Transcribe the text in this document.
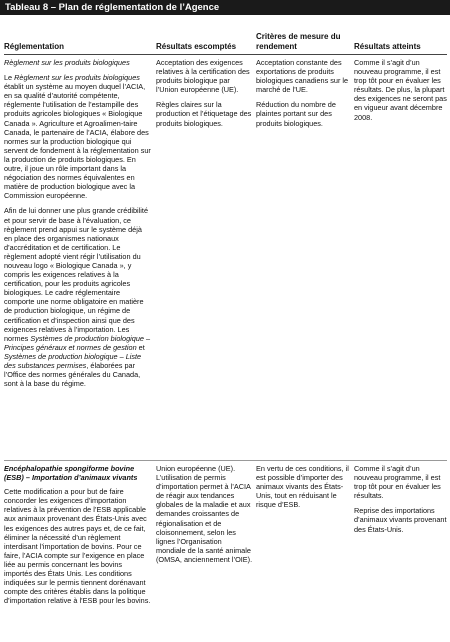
Tableau 8 – Plan de réglementation de l’Agence
Réglementation	Résultats escomptés
Critères de mesure du rendement	Résultats atteints

Règlement sur les produits biologiques

Le Règlement sur les produits biologiques établit un système au moyen duquel l’ACIA, en sa qualité d’autorité compétente, réglemente l’utilisation de l’estampille des produits agricoles biologiques « Biologique Canada ». Agriculture et Agroalimen-taire Canada, le partenaire de l’ACIA, élabore des normes sur la production biologique qui servent de fondement à la réglementation sur la production de produits biologiques. En outre, il joue un rôle important dans la négociation des normes équivalentes en matière de production biologique avec la Commission européenne.

Afin de lui donner une plus grande crédibilité et pour servir de base à l’évaluation, ce règlement prend appui sur le système déjà en place des organismes nationaux d’accréditation et de certification. Le règlement adopté vient régir l’utilisation du nouveau logo « Biologique Canada », y compris les exigences relatives à la certification, pour les produits agricoles biologiques. Le cadre réglementaire comporte une norme obligatoire en matière de production biologique, un régime de certification et d’inspection ainsi que des exigences relatives à l’importation. Les normes Systèmes de production biologique – Principes généraux et normes de gestion et Systèmes de production biologique – Liste des substances permises, élaborées par l’Office des normes générales du Canada, sont à la base du régime.

Acceptation des exigences relatives à la certification des produits biologique par l’Union européenne (UE).

Règles claires sur la production et l’étiquetage des produits biologiques.

Acceptation constante des exportations de produits biologiques canadiens sur le marché de l’UE.

Réduction du nombre de plaintes portant sur des produits biologiques.

Comme il s’agit d’un nouveau programme, il est trop tôt pour en évaluer les résultats. De plus, la plupart des exigences ne seront pas en vigueur avant décembre 2008.

Encéphalopathie spongiforme bovine (ESB) – Importation d’animaux vivants

Cette modification a pour but de faire concorder les exigences d’importation relatives à la prévention de l’ESB applicable aux animaux provenant des États-Unis avec les exigences des autres pays et, de ce fait, éliminer la nécessité d’un règlement interdisant l’importation de bovins. Pour ce faire, l’ACIA compte sur l’exigence en place liée au permis concernant les bovins importés des États Unis. Les conditions indiquées sur le permis tiennent dorénavant compte des critères établis dans la politique d’importation relative à l’ESB pour les bovins.

Union européenne (UE). L’utilisation de permis d’importation permet à l’ACIA de réagir aux tendances globales de la maladie et aux demandes croissantes de régionalisation et de cloisonnement, selon les lignes l’Organisation mondiale de la santé animale (OMSA, anciennement l’OIE).

En vertu de ces conditions, il est possible d’importer des animaux vivants des États-Unis, tout en réduisant le risque d’ESB.

Comme il s’agit d’un nouveau programme, il est trop tôt pour en évaluer les résultats.

Reprise des importations d’animaux vivants provenant des États-Unis.
